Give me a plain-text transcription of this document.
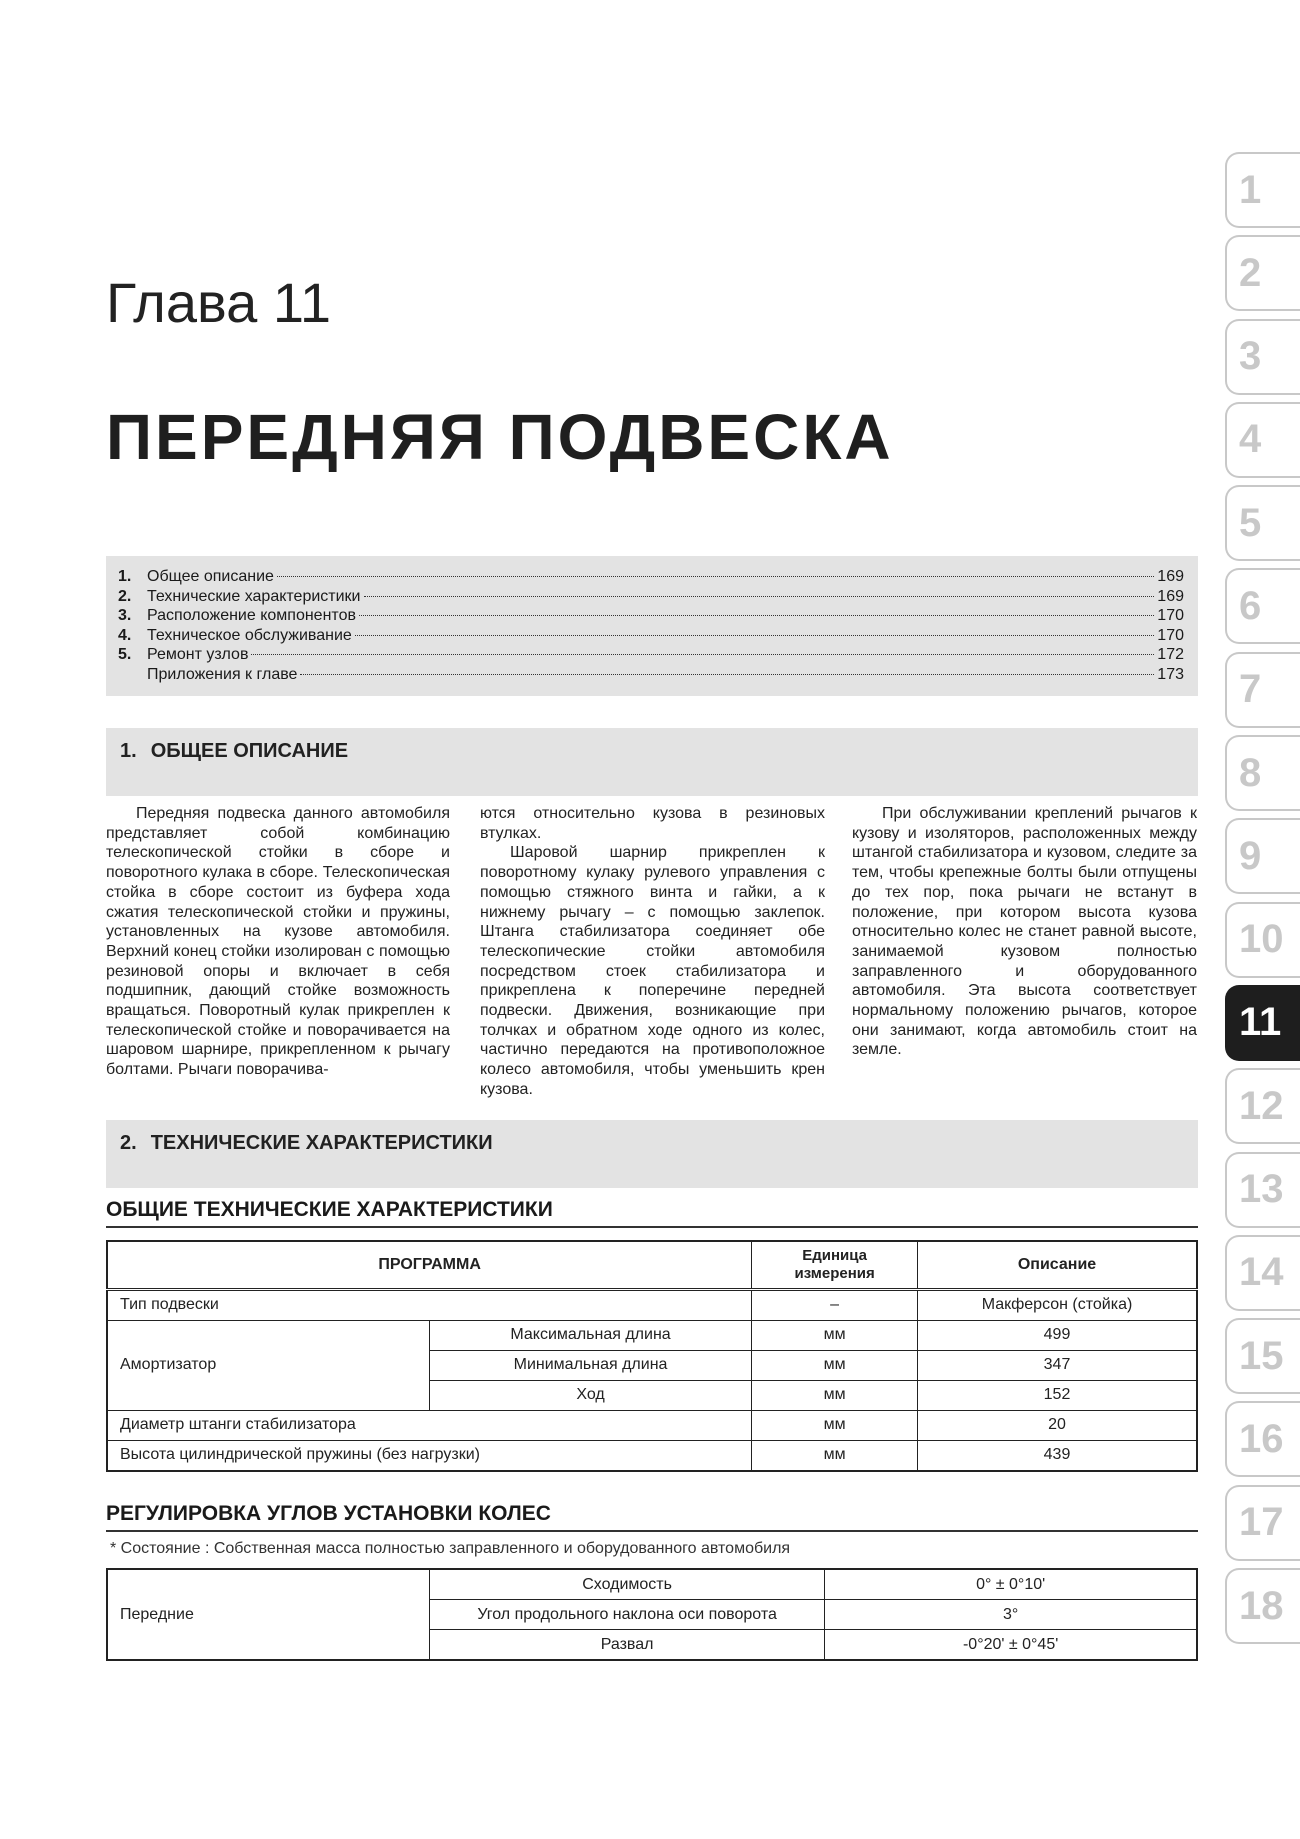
Глава 11
ПЕРЕДНЯЯ ПОДВЕСКА
1. Общее описание	169
2. Технические характеристики	169
3. Расположение компонентов	170
4. Техническое обслуживание	170
5. Ремонт узлов	172
Приложения к главе	173
1. ОБЩЕЕ ОПИСАНИЕ

Передняя подвеска данного автомобиля представляет собой комбинацию телескопической стойки в сборе и поворотного кулака в сборе. Телескопическая стойка в сборе состоит из буфера хода сжатия телескопической стойки и пружины, установленных на кузове автомобиля. Верхний конец стойки изолирован с помощью резиновой опоры и включает в себя подшипник, дающий стойке возможность вращаться. Поворотный кулак прикреплен к телескопической стойке и поворачивается на шаровом шарнире, прикрепленном к рычагу болтами. Рычаги поворачива-

ются относительно кузова в резиновых втулках.

Шаровой шарнир прикреплен к поворотному кулаку рулевого управления с помощью стяжного винта и гайки, а к нижнему рычагу – с помощью заклепок. Штанга стабилизатора соединяет обе телескопические стойки автомобиля посредством стоек стабилизатора и прикреплена к поперечине передней подвески. Движения, возникающие при толчках и обратном ходе одного из колес, частично передаются на противоположное колесо автомобиля, чтобы уменьшить крен кузова.

При обслуживании креплений рычагов к кузову и изоляторов, расположенных между штангой стабилизатора и кузовом, следите за тем, чтобы крепежные болты были отпущены до тех пор, пока рычаги не встанут в положение, при котором высота кузова относительно колес не станет равной высоте, занимаемой кузовом полностью заправленного и оборудованного автомобиля. Эта высота соответствует нормальному положению рычагов, которое они занимают, когда автомобиль стоит на земле.

2. ТЕХНИЧЕСКИЕ ХАРАКТЕРИСТИКИ
ОБЩИЕ ТЕХНИЧЕСКИЕ ХАРАКТЕРИСТИКИ
ПРОГРАММА		Единица измерения	Описание
Тип подвески		–	Макферсон (стойка)
Амортизатор	Максимальная длина	мм	499
	Минимальная длина	мм	347
	Ход	мм	152
Диаметр штанги стабилизатора		мм	20
Высота цилиндрической пружины (без нагрузки)		мм	439
РЕГУЛИРОВКА УГЛОВ УСТАНОВКИ КОЛЕС
* Состояние : Собственная масса полностью заправленного и оборудованного автомобиля
Передние	Сходимость	0° ± 0°10'
	Угол продольного наклона оси поворота	3°
	Развал	-0°20' ± 0°45'
1
2
3
4
5
6
7
8
9
10
11
12
13
14
15
16
17
18
